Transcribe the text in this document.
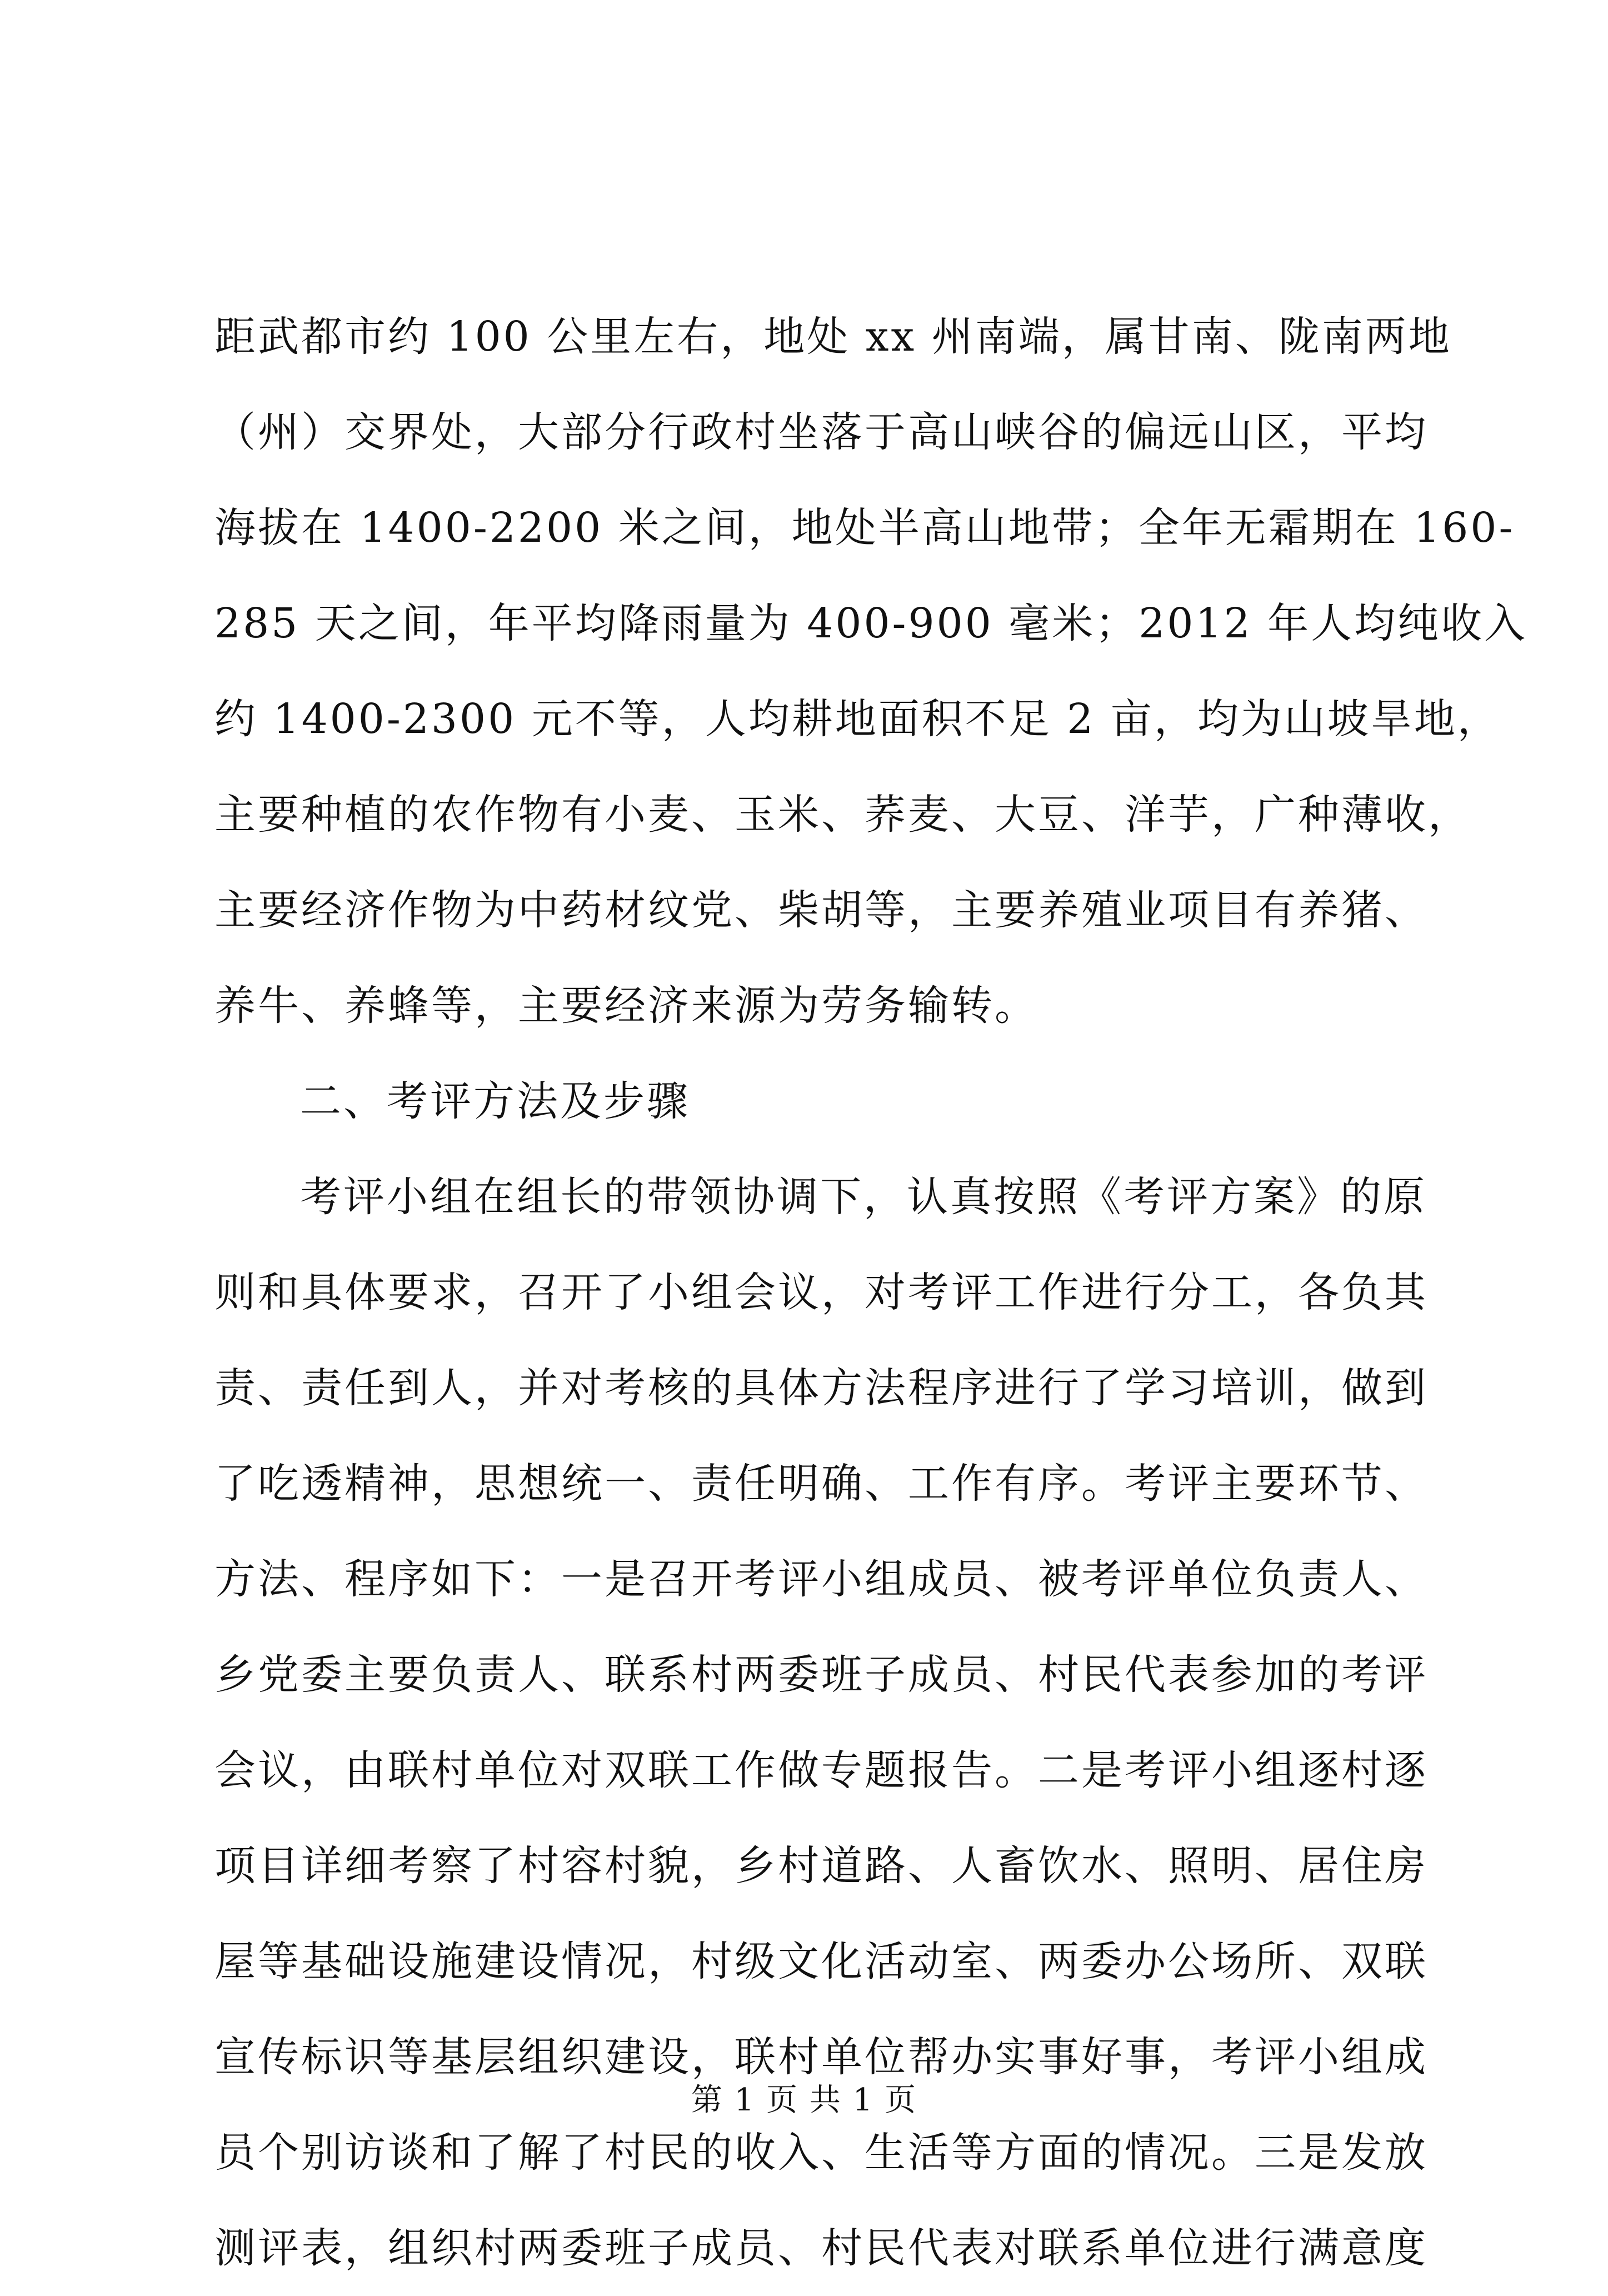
距武都市约 100 公里左右，地处 xx 州南端，属甘南、陇南两地
（州）交界处，大部分行政村坐落于高山峡谷的偏远山区，平均
海拔在 1400-2200 米之间，地处半高山地带；全年无霜期在 160-
285 天之间，年平均降雨量为 400-900 毫米；2012 年人均纯收入
约 1400-2300 元不等，人均耕地面积不足 2 亩，均为山坡旱地，
主要种植的农作物有小麦、玉米、荞麦、大豆、洋芋，广种薄收，
主要经济作物为中药材纹党、柴胡等，主要养殖业项目有养猪、
养牛、养蜂等，主要经济来源为劳务输转。
二、考评方法及步骤
考评小组在组长的带领协调下，认真按照《考评方案》的原
则和具体要求，召开了小组会议，对考评工作进行分工，各负其
责、责任到人，并对考核的具体方法程序进行了学习培训，做到
了吃透精神，思想统一、责任明确、工作有序。考评主要环节、
方法、程序如下：一是召开考评小组成员、被考评单位负责人、
乡党委主要负责人、联系村两委班子成员、村民代表参加的考评
会议，由联村单位对双联工作做专题报告。二是考评小组逐村逐
项目详细考察了村容村貌，乡村道路、人畜饮水、照明、居住房
屋等基础设施建设情况，村级文化活动室、两委办公场所、双联
宣传标识等基层组织建设，联村单位帮办实事好事，考评小组成
员个别访谈和了解了村民的收入、生活等方面的情况。三是发放
测评表，组织村两委班子成员、村民代表对联系单位进行满意度
第 1 页 共 1 页
